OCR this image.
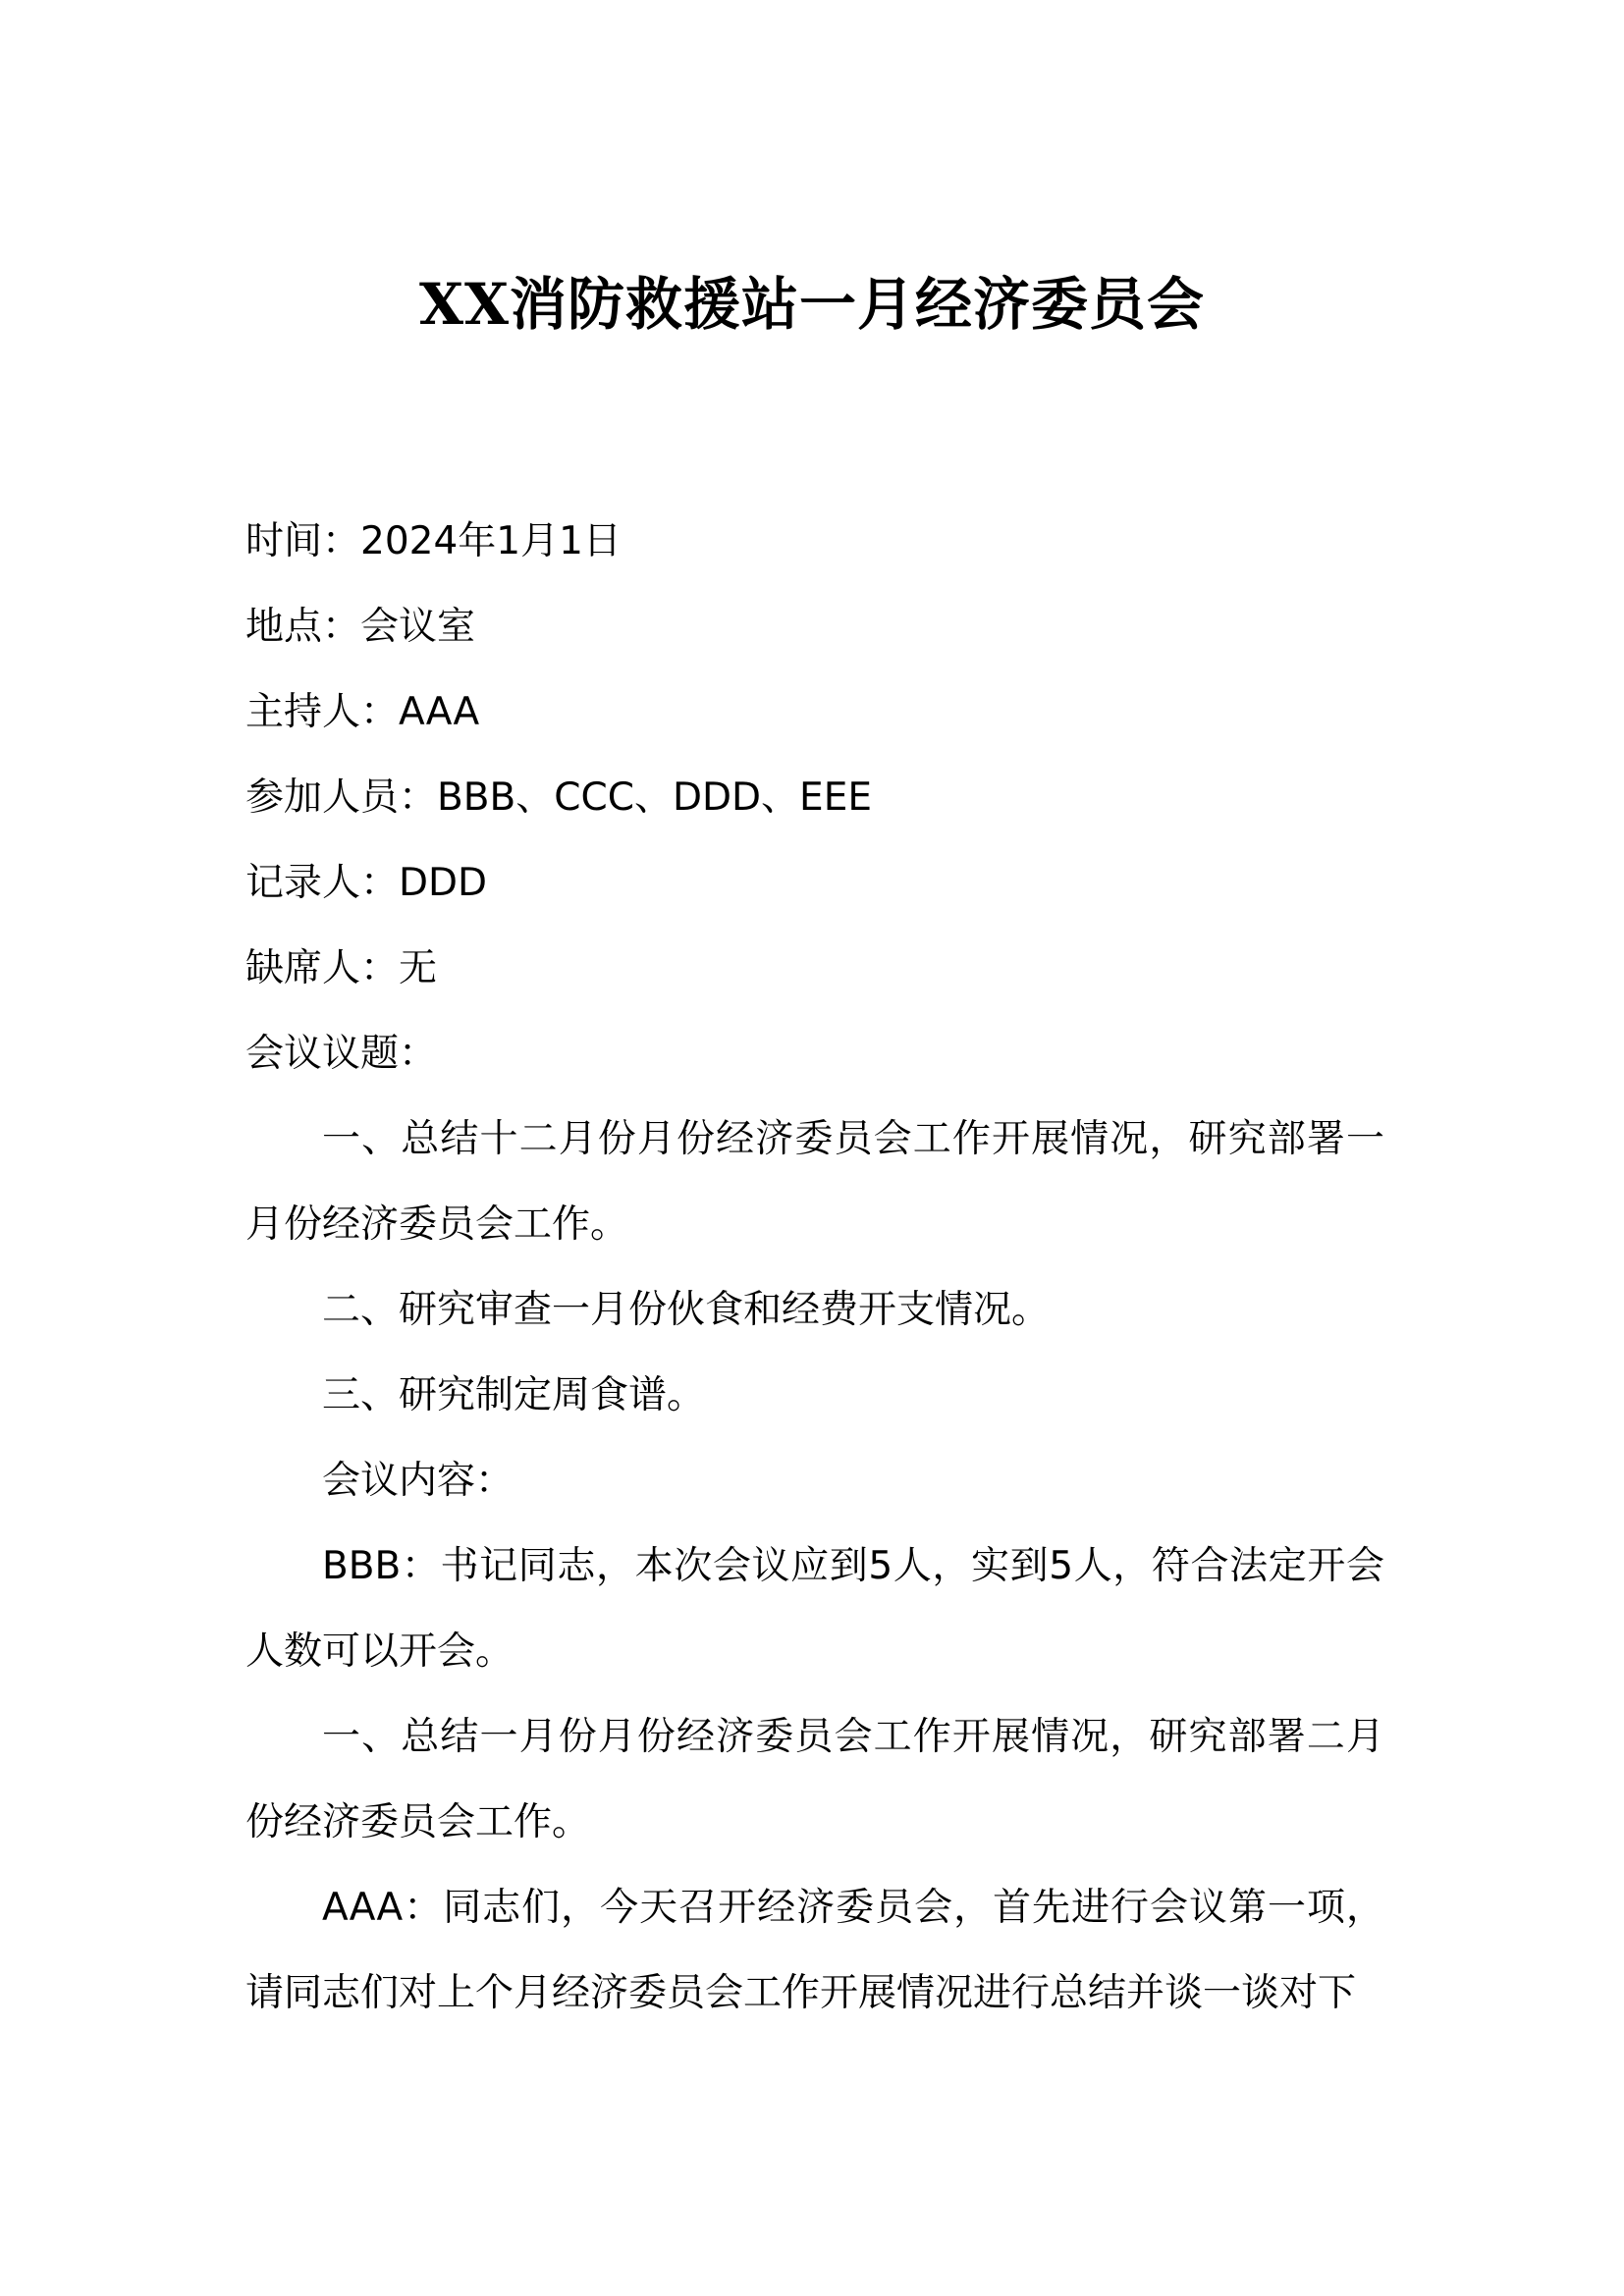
XX消防救援站一月经济委员会
时间：2024年1月1日
地点：会议室
主持人：AAA
参加人员：BBB、CCC、DDD、EEE
记录人：DDD
缺席人：无
会议议题：
一、总结十二月份月份经济委员会工作开展情况，研究部署一月份经济委员会工作。
二、研究审查一月份伙食和经费开支情况。
三、研究制定周食谱。
会议内容：
BBB：书记同志，本次会议应到5人，实到5人，符合法定开会人数可以开会。
一、总结一月份月份经济委员会工作开展情况，研究部署二月份经济委员会工作。
AAA：同志们，今天召开经济委员会，首先进行会议第一项，请同志们对上个月经济委员会工作开展情况进行总结并谈一谈对下
